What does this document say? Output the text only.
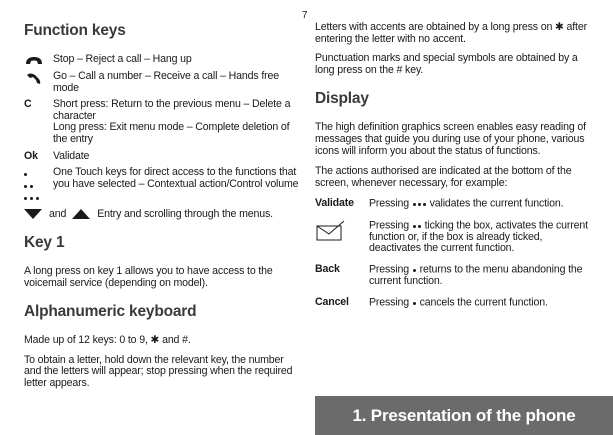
7
Function keys
Stop – Reject a call – Hang up
Go – Call a number – Receive a call – Hands free mode
C	Short press: Return to the previous menu – Delete a character
Long press: Exit menu mode – Complete deletion of the entry
Ok	Validate
One Touch keys for direct access to the functions that you have selected – Contextual action/Control volume
and	Entry and scrolling through the menus.
Key 1
A long press on key 1 allows you to have access to the voicemail service (depending on model).
Alphanumeric keyboard
Made up of 12 keys: 0 to 9, ✱ and #.
To obtain a letter, hold down the relevant key, the number and the letters will appear; stop pressing when the required letter appears.
Letters with accents are obtained by a long press on ✱ after entering the letter with no accent.
Punctuation marks and special symbols are obtained by a long press on the # key.
Display
The high definition graphics screen enables easy reading of messages that guide you during use of your phone, various icons will inform you about the status of functions.
The actions authorised are indicated at the bottom of the screen, whenever necessary, for example:
Validate	Pressing validates the current function.
Pressing ticking the box, activates the current function or, if the box is already ticked, deactivates the current function.
Back	Pressing returns to the menu abandoning the current function.
Cancel	Pressing cancels the current function.
1. Presentation of the phone
